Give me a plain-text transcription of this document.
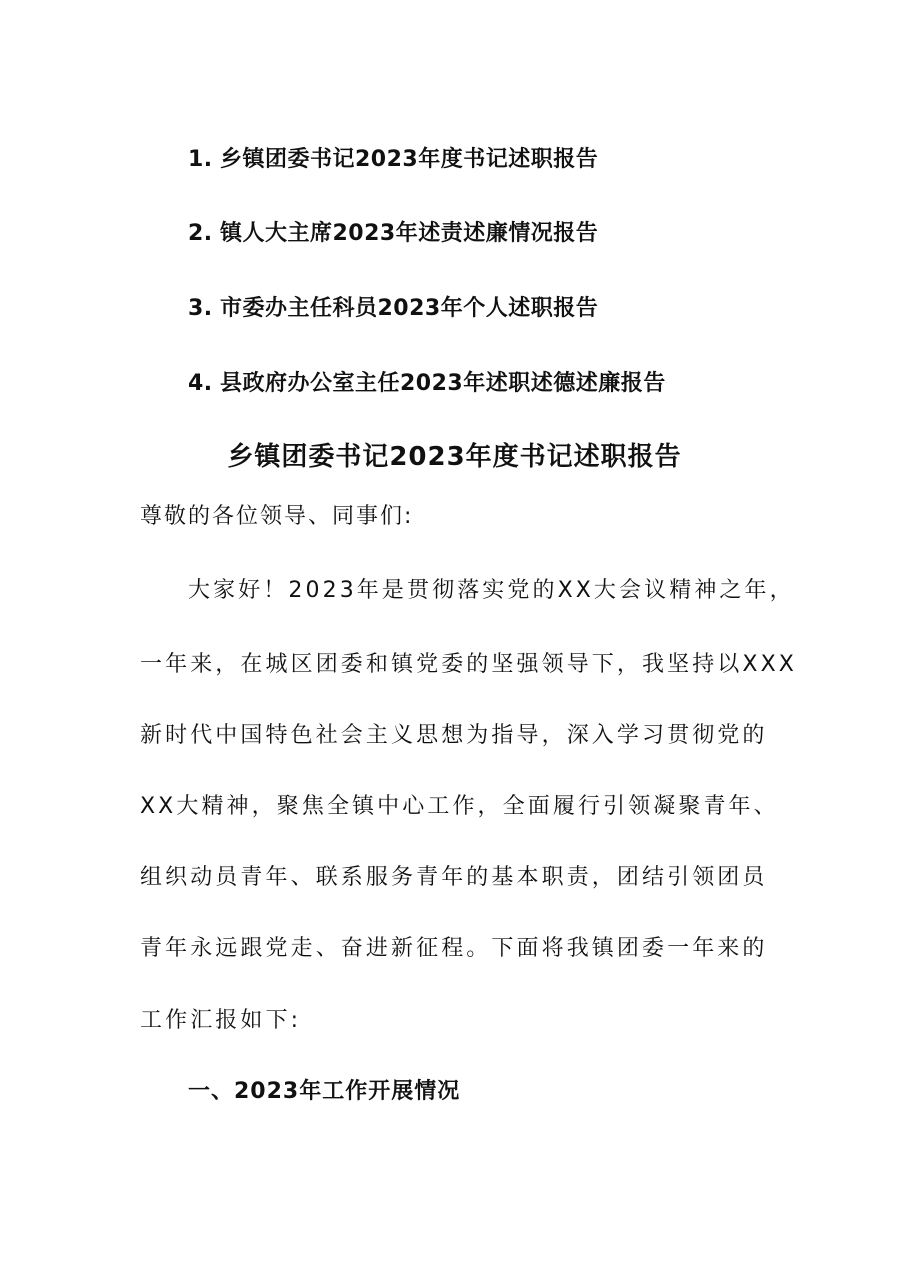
1. 乡镇团委书记2023年度书记述职报告
2. 镇人大主席2023年述责述廉情况报告
3. 市委办主任科员2023年个人述职报告
4. 县政府办公室主任2023年述职述德述廉报告
乡镇团委书记2023年度书记述职报告
尊敬的各位领导、同事们:
大家好！2023年是贯彻落实党的XX大会议精神之年，
一年来，在城区团委和镇党委的坚强领导下，我坚持以XXX
新时代中国特色社会主义思想为指导，深入学习贯彻党的
XX大精神，聚焦全镇中心工作，全面履行引领凝聚青年、
组织动员青年、联系服务青年的基本职责，团结引领团员
青年永远跟党走、奋进新征程。下面将我镇团委一年来的
工作汇报如下:
一、2023年工作开展情况
